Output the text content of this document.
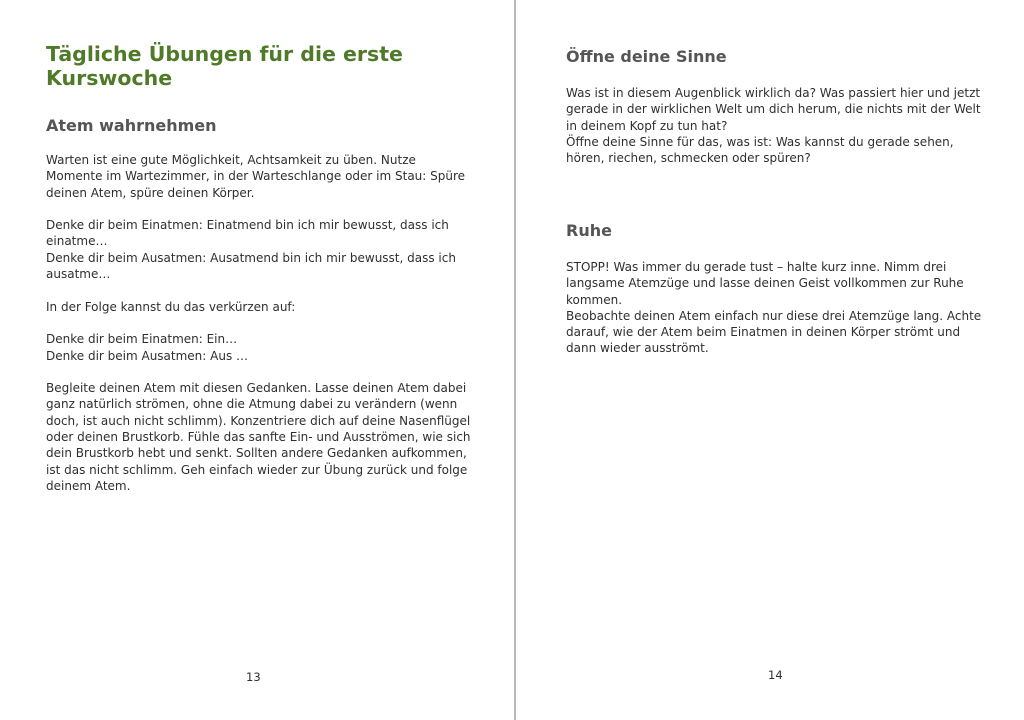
Tägliche Übungen für die erste Kurswoche
Atem wahrnehmen

Warten ist eine gute Möglichkeit, Achtsamkeit zu üben. Nutze Momente im Wartezimmer, in der Warteschlange oder im Stau: Spüre deinen Atem, spüre deinen Körper.

Denke dir beim Einatmen: Einatmend bin ich mir bewusst, dass ich einatme…
Denke dir beim Ausatmen: Ausatmend bin ich mir bewusst, dass ich ausatme…

In der Folge kannst du das verkürzen auf:

Denke dir beim Einatmen: Ein…
Denke dir beim Ausatmen: Aus …

Begleite deinen Atem mit diesen Gedanken. Lasse deinen Atem dabei ganz natürlich strömen, ohne die Atmung dabei zu verändern (wenn doch, ist auch nicht schlimm). Konzentriere dich auf deine Nasenflügel oder deinen Brustkorb. Fühle das sanfte Ein- und Ausströmen, wie sich dein Brustkorb hebt und senkt. Sollten andere Gedanken aufkommen, ist das nicht schlimm. Geh einfach wieder zur Übung zurück und folge deinem Atem.

13
Öffne deine Sinne

Was ist in diesem Augenblick wirklich da? Was passiert hier und jetzt gerade in der wirklichen Welt um dich herum, die nichts mit der Welt in deinem Kopf zu tun hat?
Öffne deine Sinne für das, was ist: Was kannst du gerade sehen, hören, riechen, schmecken oder spüren?

Ruhe

STOPP! Was immer du gerade tust – halte kurz inne. Nimm drei langsame Atemzüge und lasse deinen Geist vollkommen zur Ruhe kommen.
Beobachte deinen Atem einfach nur diese drei Atemzüge lang. Achte darauf, wie der Atem beim Einatmen in deinen Körper strömt und dann wieder ausströmt.

14
